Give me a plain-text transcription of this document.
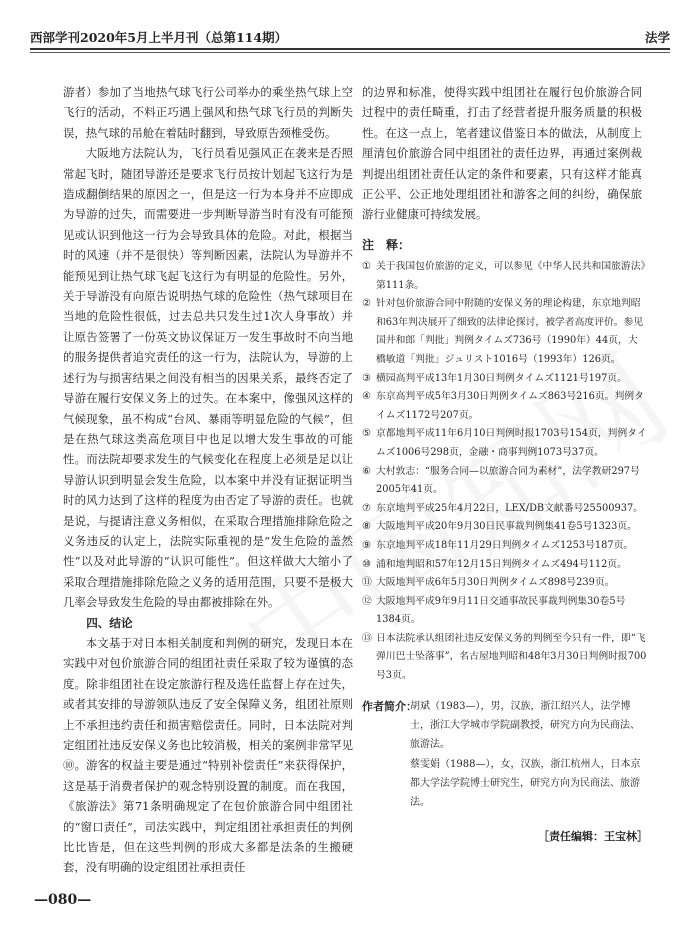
西部学刊2020年5月上半月刊（总第114期）	法学

游者）参加了当地热气球飞行公司举办的乘坐热气球上空飞行的活动，不料正巧遇上强风和热气球飞行员的判断失误，热气球的吊舱在着陆时翻到，导致原告颈椎受伤。

大阪地方法院认为，飞行员看见强风正在袭来是否照常起飞时，随团导游还是要求飞行员按计划起飞这行为是造成翻倒结果的原因之一，但是这一行为本身并不应即成为导游的过失，而需要进一步判断导游当时有没有可能预见或认识到他这一行为会导致具体的危险。对此，根据当时的风速（并不是很快）等判断因素，法院认为导游并不能预见到让热气球飞起飞这行为有明显的危险性。另外，关于导游没有向原告说明热气球的危险性（热气球项目在当地的危险性很低，过去总共只发生过1次人身事故）并让原告签署了一份英文协议保证万一发生事故时不向当地的服务提供者追究责任的这一行为，法院认为，导游的上述行为与损害结果之间没有相当的因果关系，最终否定了导游在履行安保义务上的过失。在本案中，像强风这样的气候现象，虽不构成“台风、暴雨等明显危险的气候”，但是在热气球这类高危项目中也足以增大发生事故的可能性。而法院却要求发生的气候变化在程度上必须是足以让导游认识到明显会发生危险，以本案中并没有证据证明当时的风力达到了这样的程度为由否定了导游的责任。也就是说，与提请注意义务相似，在采取合理措施排除危险之义务违反的认定上，法院实际重视的是“发生危险的盖然性”以及对此导游的“认识可能性”。但这样做大大缩小了采取合理措施排除危险之义务的适用范围，只要不是极大几率会导致发生危险的导由都被排除在外。

四、结论

本文基于对日本相关制度和判例的研究，发现日本在实践中对包价旅游合同的组团社责任采取了较为谨慎的态度。除非组团社在设定旅游行程及选任监督上存在过失，或者其安排的导游领队违反了安全保障义务，组团社原则上不承担违约责任和损害赔偿责任。同时，日本法院对判定组团社违反安保义务也比较消极，相关的案例非常罕见⑩。游客的权益主要是通过“特别补偿责任”来获得保护，这是基于消费者保护的观念特别设置的制度。而在我国，《旅游法》第71条明确规定了在包价旅游合同中组团社的“窗口责任”，司法实践中，判定组团社承担责任的判例比比皆是，但在这些判例的形成大多都是法条的生搬硬套，没有明确的设定组团社承担责任

的边界和标准，使得实践中组团社在履行包价旅游合同过程中的责任畸重，打击了经营者提升服务质量的积极性。在这一点上，笔者建议借鉴日本的做法，从制度上厘清包价旅游合同中组团社的责任边界，再通过案例裁判提出组团社责任认定的条件和要素，只有这样才能真正公平、公正地处理组团社和游客之间的纠纷，确保旅游行业健康可持续发展。

注　释：
① 关于我国包价旅游的定义，可以参见《中华人民共和国旅游法》第111条。
② 针对包价旅游合同中附随的安保义务的理论构建，东京地判昭和63年判决展开了细致的法律论探讨，被学者高度评价。参见国井和郎「判批」判例タイムズ736号（1990年）44页，大橋敏道「判批」ジュリスト1016号（1993年）126页。
③ 横园高判平成13年1月30日判例タイムズ1121号197页。
④ 东京高判平成5年3月30日判例タイムズ863号216页。判例タイムズ1172号207页。
⑤ 京都地判平成11年6月10日判例时报1703号154页，判例タイムズ1006号298页，金融・商事判例1073号37页。
⑥ 大村敦志：“服务合同—以旅游合同为素材”，法学教研297号2005年41页。
⑦ 东京地判平成25年4月22日，LEX/DB文献番号25500937。
⑧ 大阪地判平成20年9月30日民事裁判例集41卷5号1323页。
⑨ 东京地判平成18年11月29日判例タイムズ1253号187页。
⑩ 浦和地判昭和57年12月15日判例タイムズ494号112页。
⑪ 大阪地判平成6年5月30日判例タイムズ898号239页。
⑫ 大阪地判平成9年9月11日交通事故民事裁判例集30卷5号1384页。
⑬ 日本法院承认组团社违反安保义务的判例至今只有一件，即“飞弹川巴士坠落事”，名古屋地判昭和48年3月30日判例时报700号3页。
作者简介：

胡斌（1983—），男，汉族，浙江绍兴人，法学博士，浙江大学城市学院副教授，研究方向为民商法、旅游法。

蔡雯娟（1988—），女，汉族，浙江杭州人，日本京都大学法学院博士研究生，研究方向为民商法、旅游法。

［责任编辑：王宝林］
—080—
